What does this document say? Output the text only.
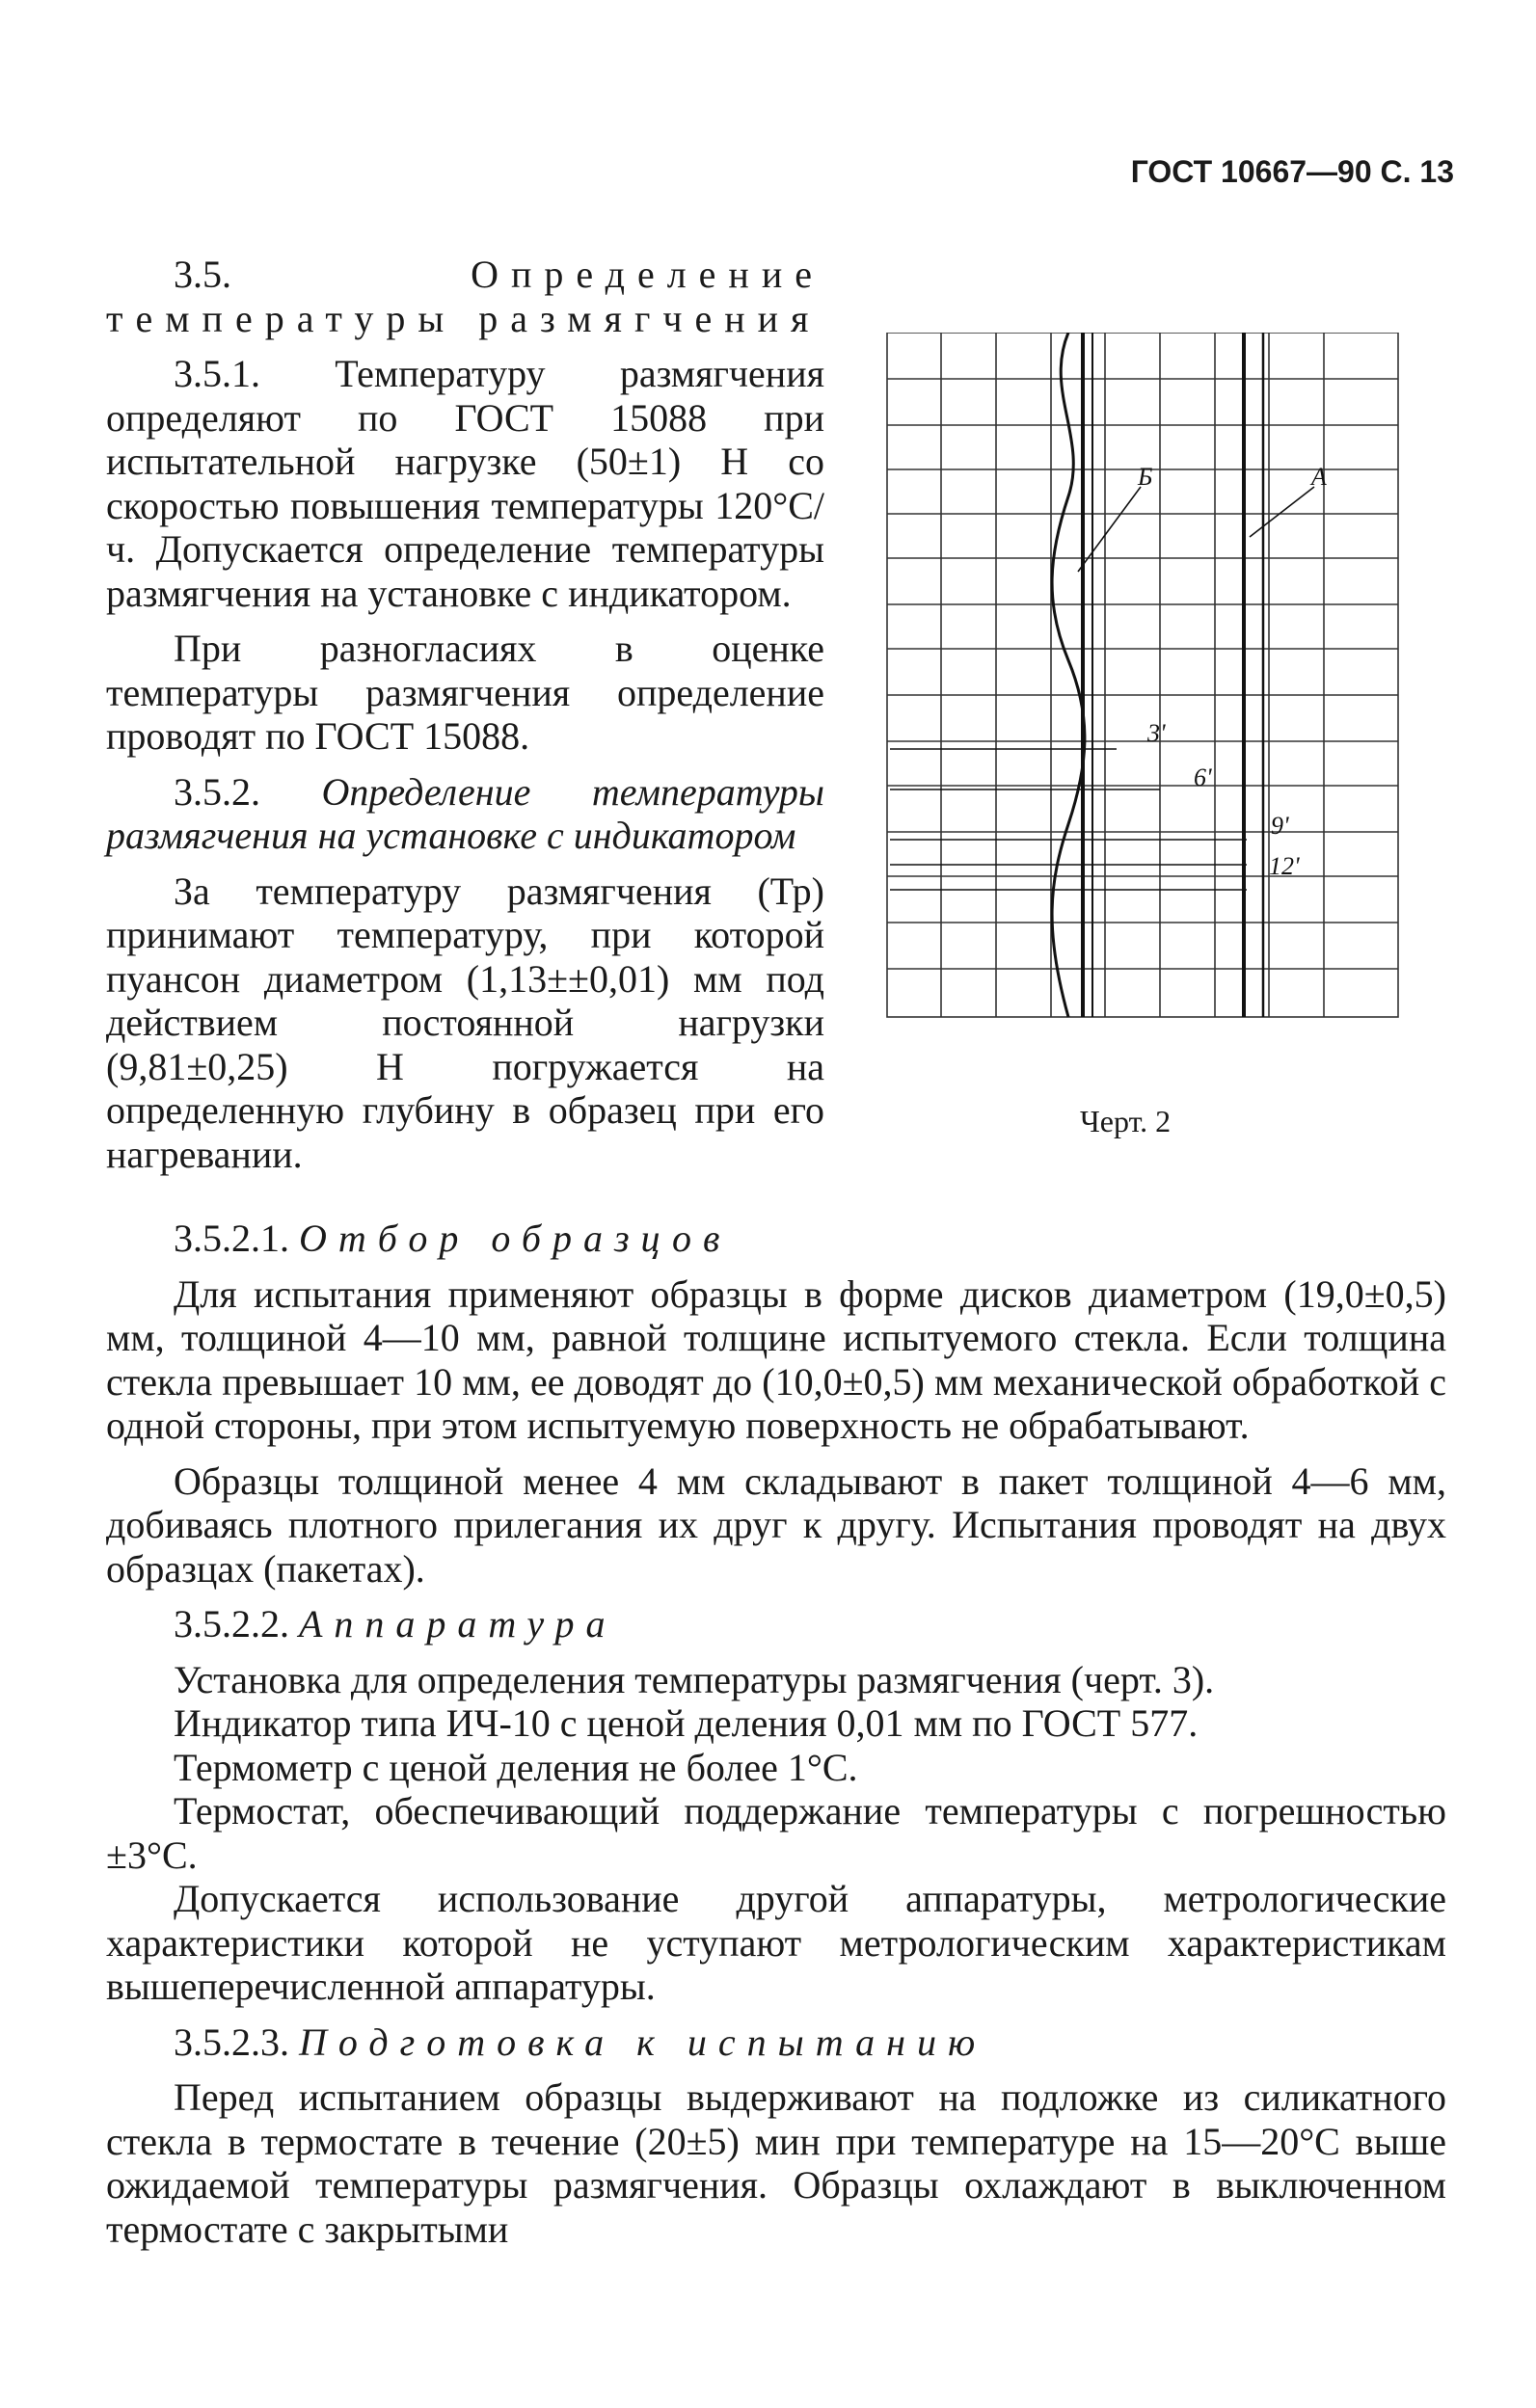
ГОСТ 10667—90 С. 13
3.5.	Определение температуры размягчения
3.5.1. Температуру размягчения определяют по ГОСТ 15088 при испытательной нагрузке (50±1) Н со скоростью повышения температуры 120°С/ч. Допускается определение температуры размягчения на установке с индикатором.
При разногласиях в оценке температуры размягчения определение проводят по ГОСТ 15088.
3.5.2. Определение температуры размягчения на установке с индикатором
За температуру размягчения (Тр) принимают температуру, при которой пуансон диаметром (1,13±±0,01) мм под действием постоянной нагрузки (9,81±0,25) Н погружается на определенную глубину в образец при его нагревании.
Б	А
3'
6'
9'
12'
Черт. 2
3.5.2.1. Отбор образцов
Для испытания применяют образцы в форме дисков диаметром (19,0±0,5) мм, толщиной 4—10 мм, равной толщине испытуемого стекла. Если толщина стекла превышает 10 мм, ее доводят до (10,0±0,5) мм механической обработкой с одной стороны, при этом испытуемую поверхность не обрабатывают.
Образцы толщиной менее 4 мм складывают в пакет толщиной 4—6 мм, добиваясь плотного прилегания их друг к другу. Испытания проводят на двух образцах (пакетах).
3.5.2.2. Аппаратура
Установка для определения температуры размягчения (черт. 3).
Индикатор типа ИЧ-10 с ценой деления 0,01 мм по ГОСТ 577.
Термометр с ценой деления не более 1°С.
Термостат, обеспечивающий поддержание температуры с погрешностью ±3°С.
Допускается использование другой аппаратуры, метрологические характеристики которой не уступают метрологическим характеристикам вышеперечисленной аппаратуры.
3.5.2.3. Подготовка к испытанию
Перед испытанием образцы выдерживают на подложке из силикатного стекла в термостате в течение (20±5) мин при температуре на 15—20°С выше ожидаемой температуры размягчения. Образцы охлаждают в выключенном термостате с закрытыми
